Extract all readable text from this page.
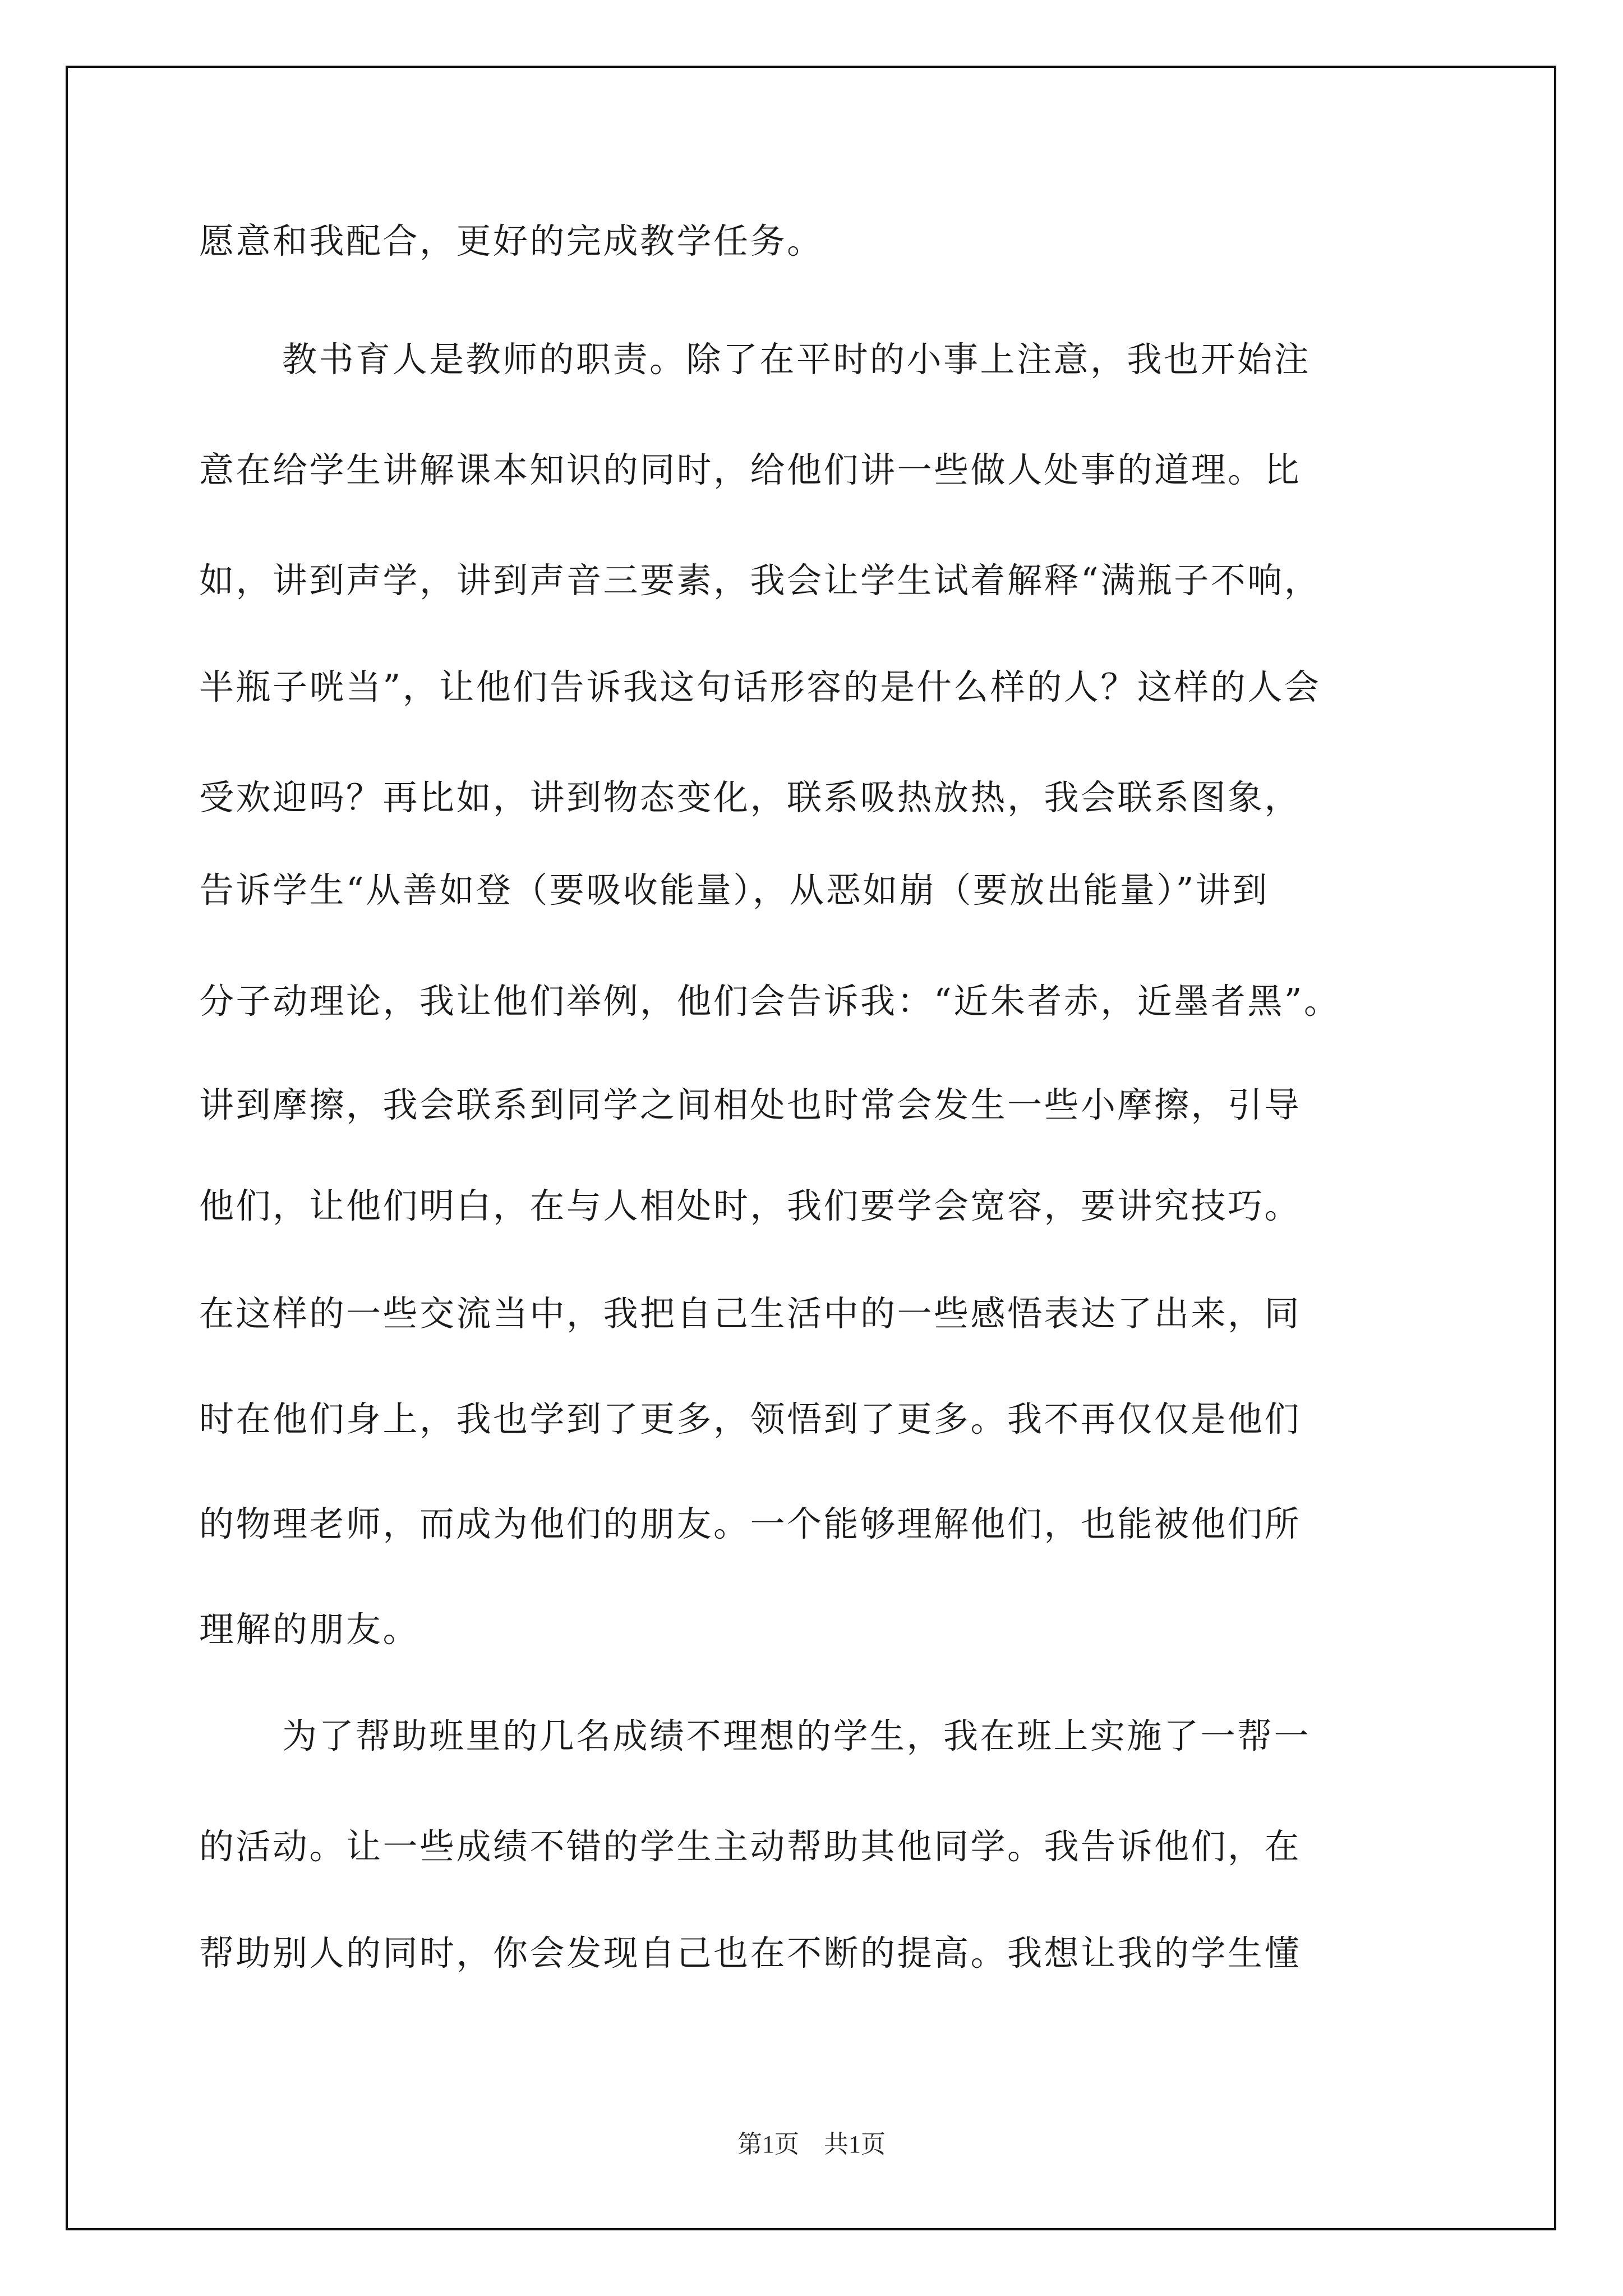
愿意和我配合，更好的完成教学任务。
教书育人是教师的职责。除了在平时的小事上注意，我也开始注
意在给学生讲解课本知识的同时，给他们讲一些做人处事的道理。比
如，讲到声学，讲到声音三要素，我会让学生试着解释“满瓶子不响，
半瓶子咣当”，让他们告诉我这句话形容的是什么样的人？这样的人会
受欢迎吗？再比如，讲到物态变化，联系吸热放热，我会联系图象，
告诉学生“从善如登（要吸收能量），从恶如崩（要放出能量）”讲到
分子动理论，我让他们举例，他们会告诉我：“近朱者赤，近墨者黑”。
讲到摩擦，我会联系到同学之间相处也时常会发生一些小摩擦，引导
他们，让他们明白，在与人相处时，我们要学会宽容，要讲究技巧。
在这样的一些交流当中，我把自己生活中的一些感悟表达了出来，同
时在他们身上，我也学到了更多，领悟到了更多。我不再仅仅是他们
的物理老师，而成为他们的朋友。一个能够理解他们，也能被他们所
理解的朋友。
为了帮助班里的几名成绩不理想的学生，我在班上实施了一帮一
的活动。让一些成绩不错的学生主动帮助其他同学。我告诉他们，在
帮助别人的同时，你会发现自己也在不断的提高。我想让我的学生懂
第1页　共1页
